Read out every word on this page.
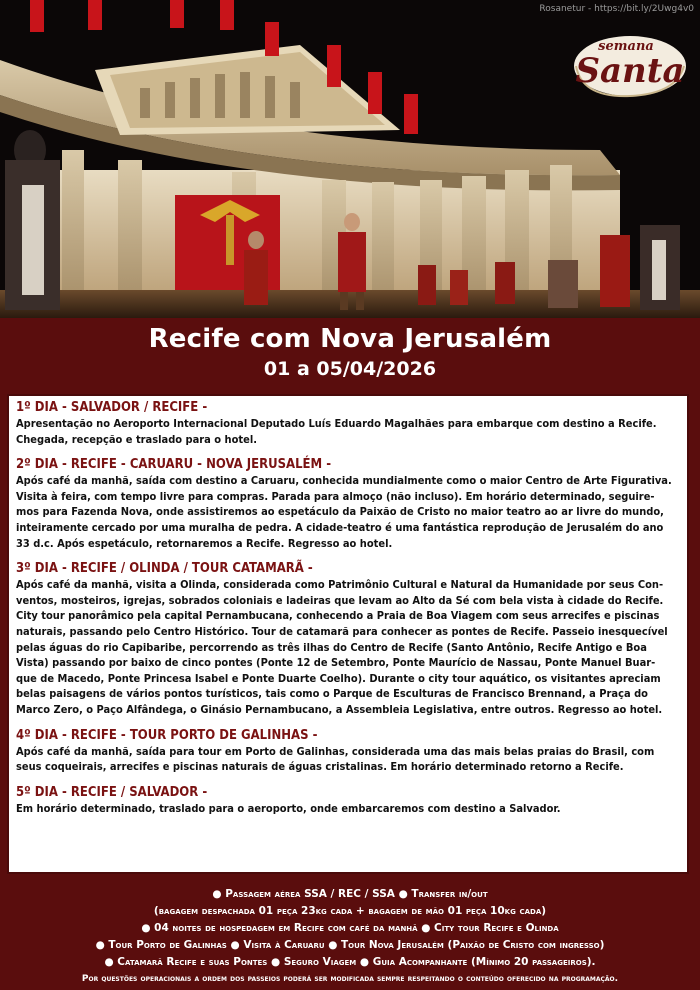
Rosanetur - https://bit.ly/2Uwg4v0
semana
Santa
Recife com Nova Jerusalém
01 a 05/04/2026
1º DIA - SALVADOR / RECIFE -
Apresentação no Aeroporto Internacional Deputado Luís Eduardo Magalhães para embarque com destino a Recife.
Chegada, recepção e traslado para o hotel.
2º DIA - RECIFE - CARUARU - NOVA JERUSALÉM -
Após café da manhã, saída com destino a Caruaru, conhecida mundialmente como o maior Centro de Arte Figurativa.
Visita à feira, com tempo livre para compras. Parada para almoço (não incluso). Em horário determinado, seguire-
mos para Fazenda Nova, onde assistiremos ao espetáculo da Paixão de Cristo no maior teatro ao ar livre do mundo,
inteiramente cercado por uma muralha de pedra. A cidade-teatro é uma fantástica reprodução de Jerusalém do ano
33 d.c. Após espetáculo, retornaremos a Recife. Regresso ao hotel.
3º DIA - RECIFE / OLINDA / TOUR CATAMARÃ -
Após café da manhã, visita a Olinda, considerada como Patrimônio Cultural e Natural da Humanidade por seus Con-
ventos, mosteiros, igrejas, sobrados coloniais e ladeiras que levam ao Alto da Sé com bela vista à cidade do Recife.
City tour panorâmico pela capital Pernambucana, conhecendo a Praia de Boa Viagem com seus arrecifes e piscinas
naturais, passando pelo Centro Histórico. Tour de catamarã para conhecer as pontes de Recife. Passeio inesquecível
pelas águas do rio Capibaribe, percorrendo as três ilhas do Centro de Recife (Santo Antônio, Recife Antigo e Boa
Vista) passando por baixo de cinco pontes (Ponte 12 de Setembro, Ponte Maurício de Nassau, Ponte Manuel Buar-
que de Macedo, Ponte Princesa Isabel e Ponte Duarte Coelho). Durante o city tour aquático, os visitantes apreciam
belas paisagens de vários pontos turísticos, tais como o Parque de Esculturas de Francisco Brennand, a Praça do
Marco Zero, o Paço Alfândega, o Ginásio Pernambucano, a Assembleia Legislativa, entre outros. Regresso ao hotel.
4º DIA - RECIFE - TOUR PORTO DE GALINHAS -
Após café da manhã, saída para tour em Porto de Galinhas, considerada uma das mais belas praias do Brasil, com
seus coqueirais, arrecifes e piscinas naturais de águas cristalinas. Em horário determinado retorno a Recife.
5º DIA - RECIFE / SALVADOR -
Em horário determinado, traslado para o aeroporto, onde embarcaremos com destino a Salvador.
● Passagem aérea SSA / REC / SSA ● Transfer in/out
(bagagem despachada 01 peça 23kg cada + bagagem de mão 01 peça 10kg cada)
● 04 noites de hospedagem em Recife com café da manhã ● City tour Recife e Olinda
● Tour Porto de Galinhas ● Visita à Caruaru ● Tour Nova Jerusalém (Paixão de Cristo com ingresso)
● Catamarã Recife e suas Pontes ● Seguro Viagem ● Guia Acompanhante (Mínimo 20 passageiros).
Por questões operacionais a ordem dos passeios poderá ser modificada sempre respeitando o conteúdo oferecido na programação.
